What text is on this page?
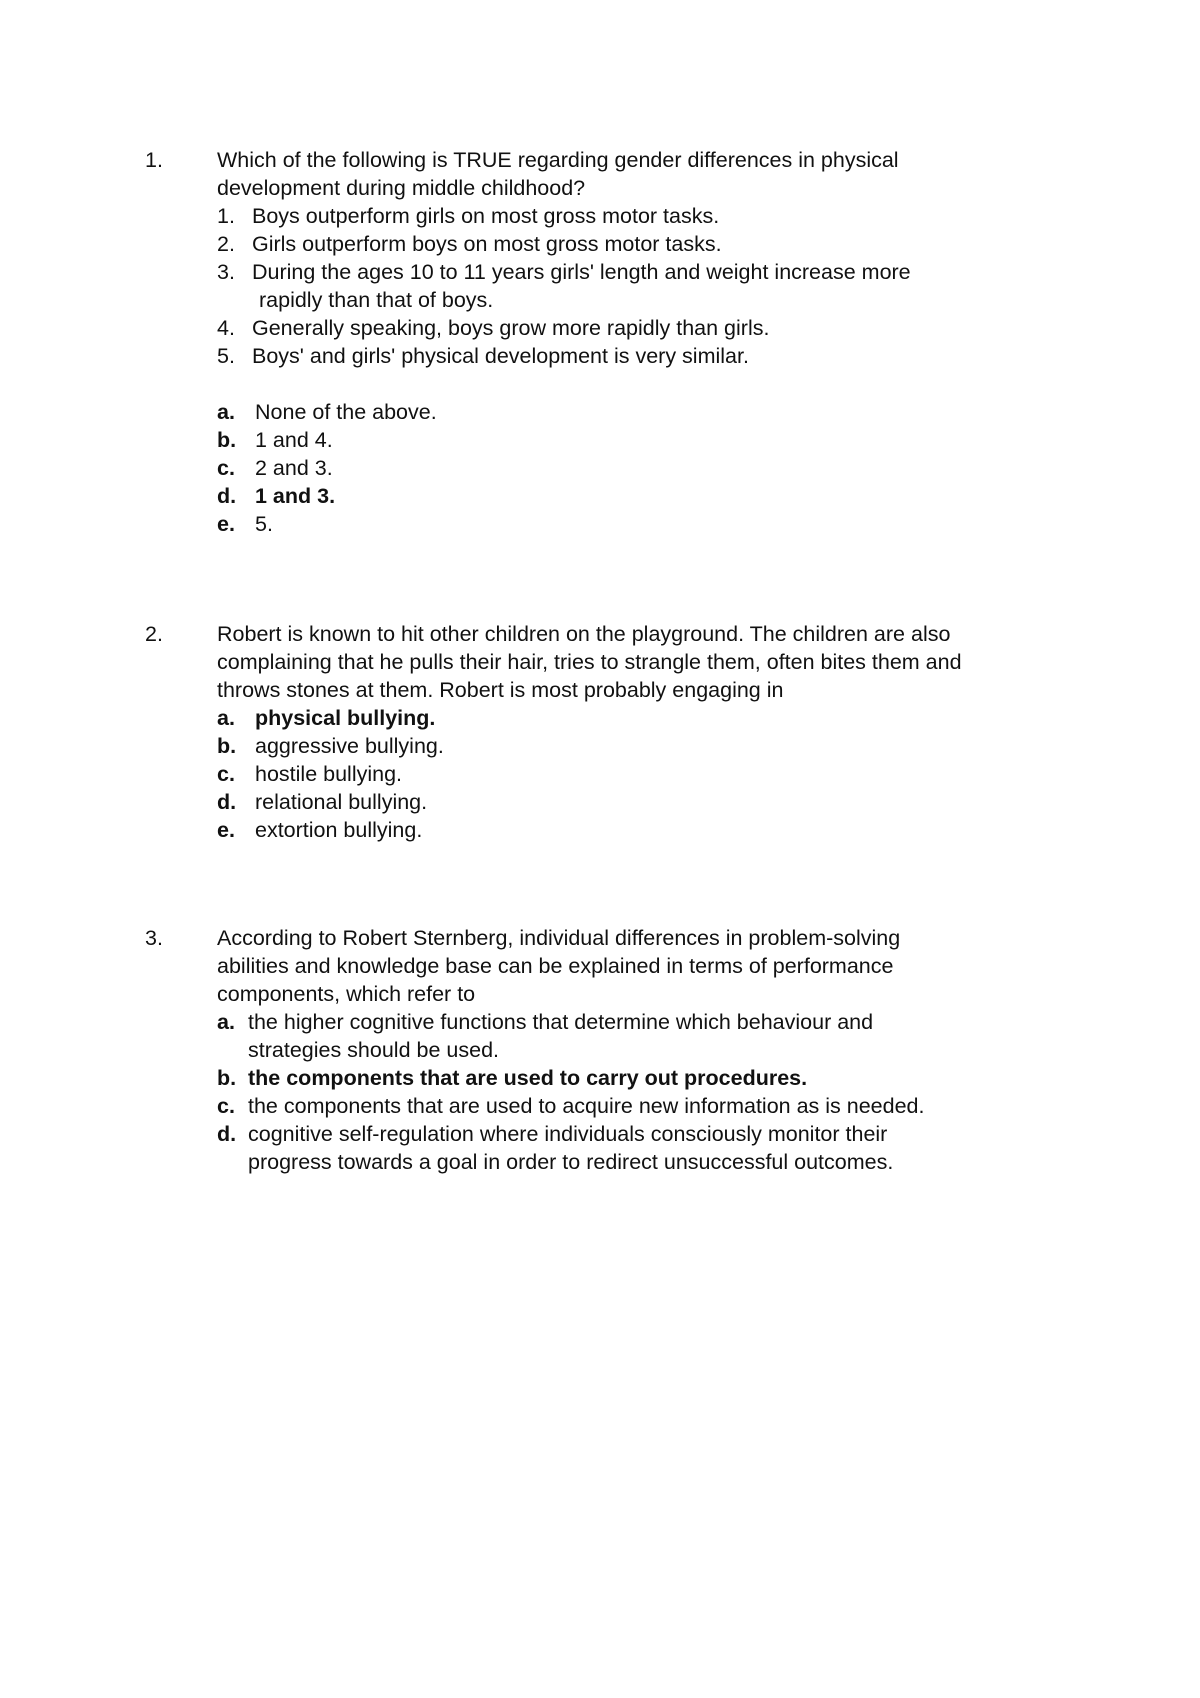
1.	Which of the following is TRUE regarding gender differences in physical
development during middle childhood?
1. Boys outperform girls on most gross motor tasks.
2. Girls outperform boys on most gross motor tasks.
3. During the ages 10 to 11 years girls' length and weight increase more
rapidly than that of boys.
4. Generally speaking, boys grow more rapidly than girls.
5. Boys' and girls' physical development is very similar.
a. None of the above.
b. 1 and 4.
c. 2 and 3.
d. 1 and 3.
e. 5.
2.	Robert is known to hit other children on the playground. The children are also
complaining that he pulls their hair, tries to strangle them, often bites them and
throws stones at them. Robert is most probably engaging in
a. physical bullying.
b. aggressive bullying.
c. hostile bullying.
d. relational bullying.
e. extortion bullying.
3.	According to Robert Sternberg, individual differences in problem-solving
abilities and knowledge base can be explained in terms of performance
components, which refer to
a. the higher cognitive functions that determine which behaviour and
strategies should be used.
b. the components that are used to carry out procedures.
c. the components that are used to acquire new information as is needed.
d. cognitive self-regulation where individuals consciously monitor their
progress towards a goal in order to redirect unsuccessful outcomes.
